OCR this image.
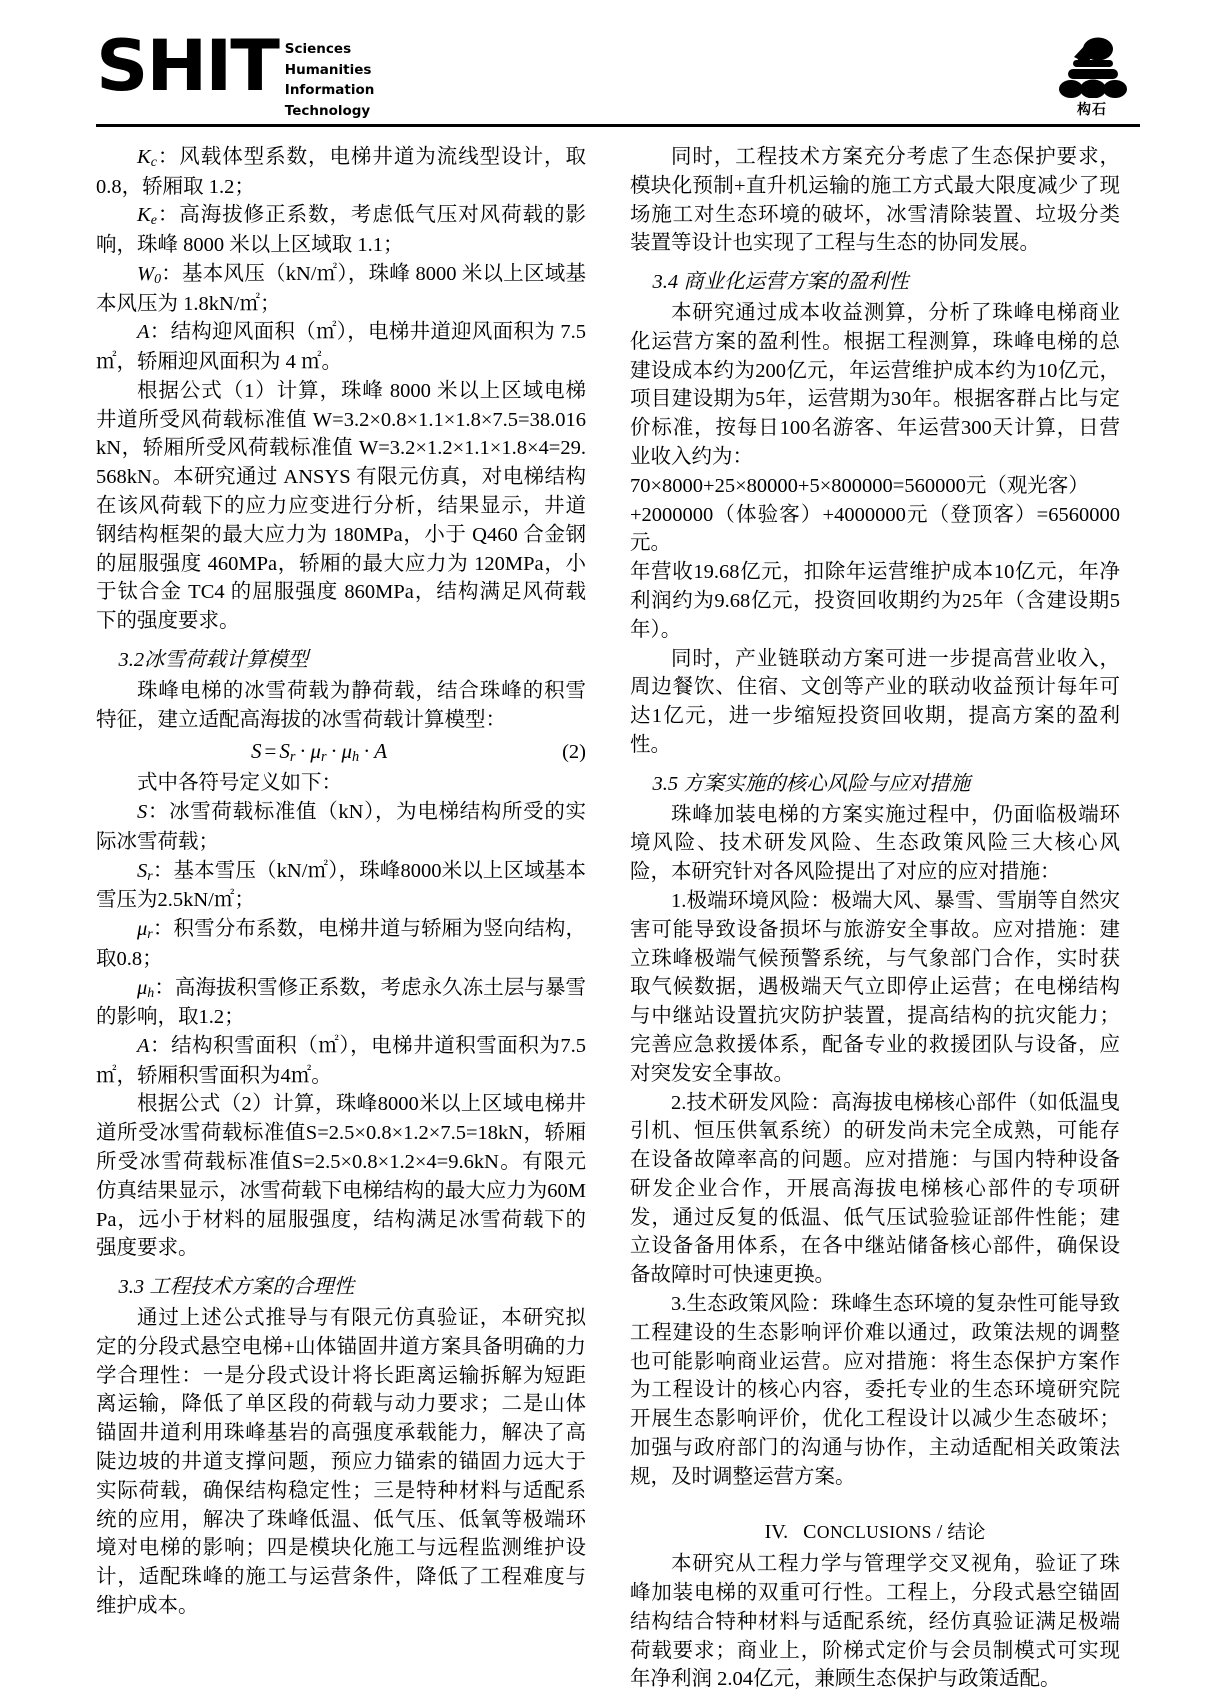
SHIT Sciences
Humanities
Information
Technology	构石

$K_c$：风载体型系数，电梯井道为流线型设计，取 0.8，轿厢取 1.2；

$K_e$：高海拔修正系数，考虑低气压对风荷载的影响，珠峰 8000 米以上区域取 1.1；

$W_0$：基本风压（kN/㎡），珠峰 8000 米以上区域基本风压为 1.8kN/㎡；

A：结构迎风面积（㎡），电梯井道迎风面积为 7.5 ㎡，轿厢迎风面积为 4 ㎡。

根据公式（1）计算，珠峰 8000 米以上区域电梯井道所受风荷载标准值 W=3.2×0.8×1.1×1.8×7.5=38.016kN，轿厢所受风荷载标准值 W=3.2×1.2×1.1×1.8×4=29.568kN。本研究通过 ANSYS 有限元仿真，对电梯结构在该风荷载下的应力应变进行分析，结果显示，井道钢结构框架的最大应力为 180MPa，小于 Q460 合金钢的屈服强度 460MPa，轿厢的最大应力为 120MPa，小于钛合金 TC4 的屈服强度 860MPa，结构满足风荷载下的强度要求。

3.2冰雪荷载计算模型

珠峰电梯的冰雪荷载为静荷载，结合珠峰的积雪特征，建立适配高海拔的冰雪荷载计算模型：

$S = S_r \cdot \mu_r \cdot \mu_h \cdot A$	(2)

式中各符号定义如下：

S：冰雪荷载标准值（kN），为电梯结构所受的实际冰雪荷载；

$S_r$：基本雪压（kN/㎡），珠峰8000米以上区域基本雪压为2.5kN/㎡；

$\mu_r$：积雪分布系数，电梯井道与轿厢为竖向结构，取0.8；

$\mu_h$：高海拔积雪修正系数，考虑永久冻土层与暴雪的影响，取1.2；

A：结构积雪面积（㎡），电梯井道积雪面积为7.5㎡，轿厢积雪面积为4㎡。

根据公式（2）计算，珠峰8000米以上区域电梯井道所受冰雪荷载标准值S=2.5×0.8×1.2×7.5=18kN，轿厢所受冰雪荷载标准值S=2.5×0.8×1.2×4=9.6kN。有限元仿真结果显示，冰雪荷载下电梯结构的最大应力为60MPa，远小于材料的屈服强度，结构满足冰雪荷载下的强度要求。

3.3 工程技术方案的合理性

通过上述公式推导与有限元仿真验证，本研究拟定的分段式悬空电梯+山体锚固井道方案具备明确的力学合理性：一是分段式设计将长距离运输拆解为短距离运输，降低了单区段的荷载与动力要求；二是山体锚固井道利用珠峰基岩的高强度承载能力，解决了高陡边坡的井道支撑问题，预应力锚索的锚固力远大于实际荷载，确保结构稳定性；三是特种材料与适配系统的应用，解决了珠峰低温、低气压、低氧等极端环境对电梯的影响；四是模块化施工与远程监测维护设计，适配珠峰的施工与运营条件，降低了工程难度与维护成本。

同时，工程技术方案充分考虑了生态保护要求，模块化预制+直升机运输的施工方式最大限度减少了现场施工对生态环境的破坏，冰雪清除装置、垃圾分类装置等设计也实现了工程与生态的协同发展。

3.4 商业化运营方案的盈利性

本研究通过成本收益测算，分析了珠峰电梯商业化运营方案的盈利性。根据工程测算，珠峰电梯的总建设成本约为200亿元，年运营维护成本约为10亿元，项目建设期为5年，运营期为30年。根据客群占比与定价标准，按每日100名游客、年运营300天计算，日营业收入约为：

70×8000+25×80000+5×800000=560000元（观光客）

+2000000（体验客）+4000000元（登顶客）=6560000元。

年营收19.68亿元，扣除年运营维护成本10亿元，年净利润约为9.68亿元，投资回收期约为25年（含建设期5年）。

同时，产业链联动方案可进一步提高营业收入，周边餐饮、住宿、文创等产业的联动收益预计每年可达1亿元，进一步缩短投资回收期，提高方案的盈利性。

3.5 方案实施的核心风险与应对措施

珠峰加装电梯的方案实施过程中，仍面临极端环境风险、技术研发风险、生态政策风险三大核心风险，本研究针对各风险提出了对应的应对措施：

1.极端环境风险：极端大风、暴雪、雪崩等自然灾害可能导致设备损坏与旅游安全事故。应对措施：建立珠峰极端气候预警系统，与气象部门合作，实时获取气候数据，遇极端天气立即停止运营；在电梯结构与中继站设置抗灾防护装置，提高结构的抗灾能力；完善应急救援体系，配备专业的救援团队与设备，应对突发安全事故。

2.技术研发风险：高海拔电梯核心部件（如低温曳引机、恒压供氧系统）的研发尚未完全成熟，可能存在设备故障率高的问题。应对措施：与国内特种设备研发企业合作，开展高海拔电梯核心部件的专项研发，通过反复的低温、低气压试验验证部件性能；建立设备备用体系，在各中继站储备核心部件，确保设备故障时可快速更换。

3.生态政策风险：珠峰生态环境的复杂性可能导致工程建设的生态影响评价难以通过，政策法规的调整也可能影响商业运营。应对措施：将生态保护方案作为工程设计的核心内容，委托专业的生态环境研究院开展生态影响评价，优化工程设计以减少生态破坏；加强与政府部门的沟通与协作，主动适配相关政策法规，及时调整运营方案。

IV. CONCLUSIONS / 结论

本研究从工程力学与管理学交叉视角，验证了珠峰加装电梯的双重可行性。工程上，分段式悬空锚固结构结合特种材料与适配系统，经仿真验证满足极端荷载要求；商业上，阶梯式定价与会员制模式可实现年净利润 2.04亿元，兼顾生态保护与政策适配。
